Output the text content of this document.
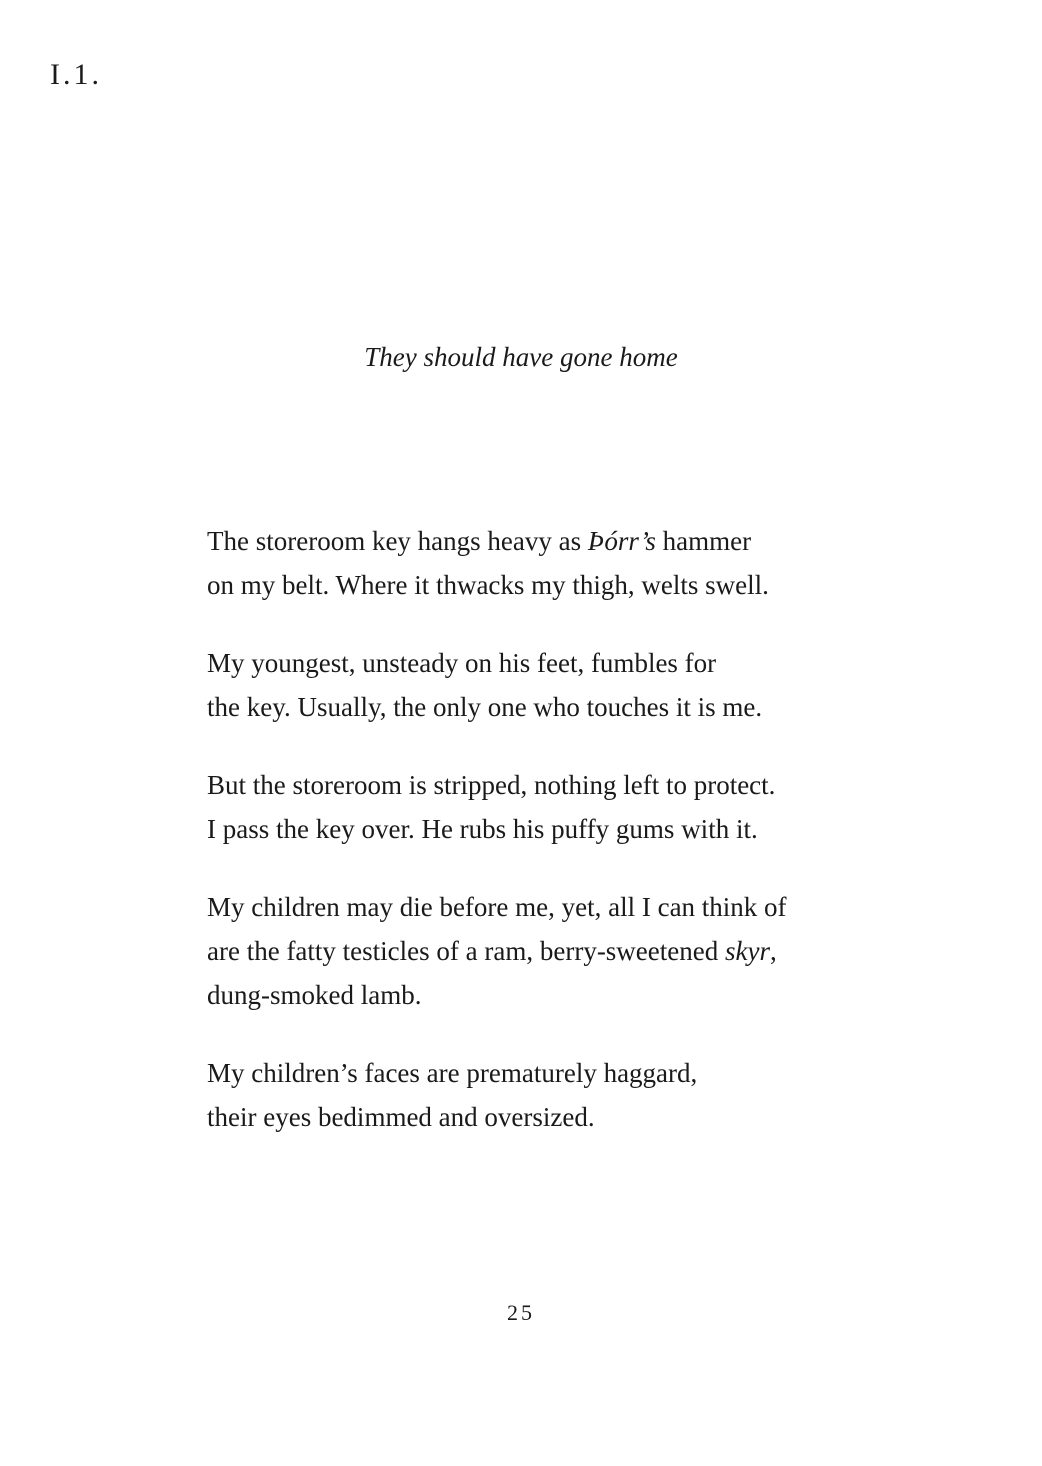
I.1.
They should have gone home
The storeroom key hangs heavy as Þórr’s hammer
on my belt. Where it thwacks my thigh, welts swell.
My youngest, unsteady on his feet, fumbles for
the key. Usually, the only one who touches it is me.
But the storeroom is stripped, nothing left to protect.
I pass the key over. He rubs his puffy gums with it.
My children may die before me, yet, all I can think of
are the fatty testicles of a ram, berry-sweetened skyr,
dung-smoked lamb.
My children’s faces are prematurely haggard,
their eyes bedimmed and oversized.
25
